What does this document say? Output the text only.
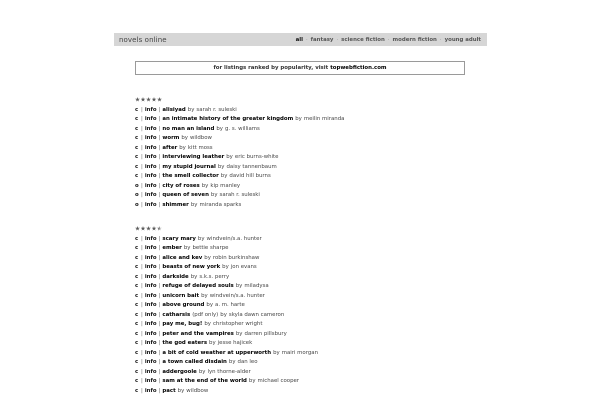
novels online	all · fantasy · science fiction · modern fiction · young adult
for listings ranked by popularity, visit topwebfiction.com
c | info | alisiyad by sarah r. suleski
c | info | an intimate history of the greater kingdom by meilin miranda
c | info | no man an island by g. s. williams
c | info | worm by wildbow
c | info | after by kitt moss
c | info | interviewing leather by eric burns-white
c | info | my stupid journal by daisy tannenbaum
c | info | the smell collector by david hill burns
o | info | city of roses by kip manley
o | info | queen of seven by sarah r. suleski
o | info | shimmer by miranda sparks
c | info | scary mary by windvein/s.a. hunter
c | info | ember by bettie sharpe
c | info | alice and kev by robin burkinshaw
c | info | beasts of new york by jon evans
c | info | darkside by s.k.s. perry
c | info | refuge of delayed souls by miladysa
c | info | unicorn bait by windvein/s.a. hunter
c | info | above ground by a. m. harte
c | info | catharsis (pdf only) by skyla dawn cameron
c | info | pay me, bug! by christopher wright
c | info | peter and the vampires by darren pillsbury
c | info | the god eaters by jesse hajicek
c | info | a bit of cold weather at upperworth by mairi morgan
c | info | a town called disdain by dan leo
c | info | addergoole by lyn thorne-alder
c | info | sam at the end of the world by michael cooper
c | info | pact by wildbow
